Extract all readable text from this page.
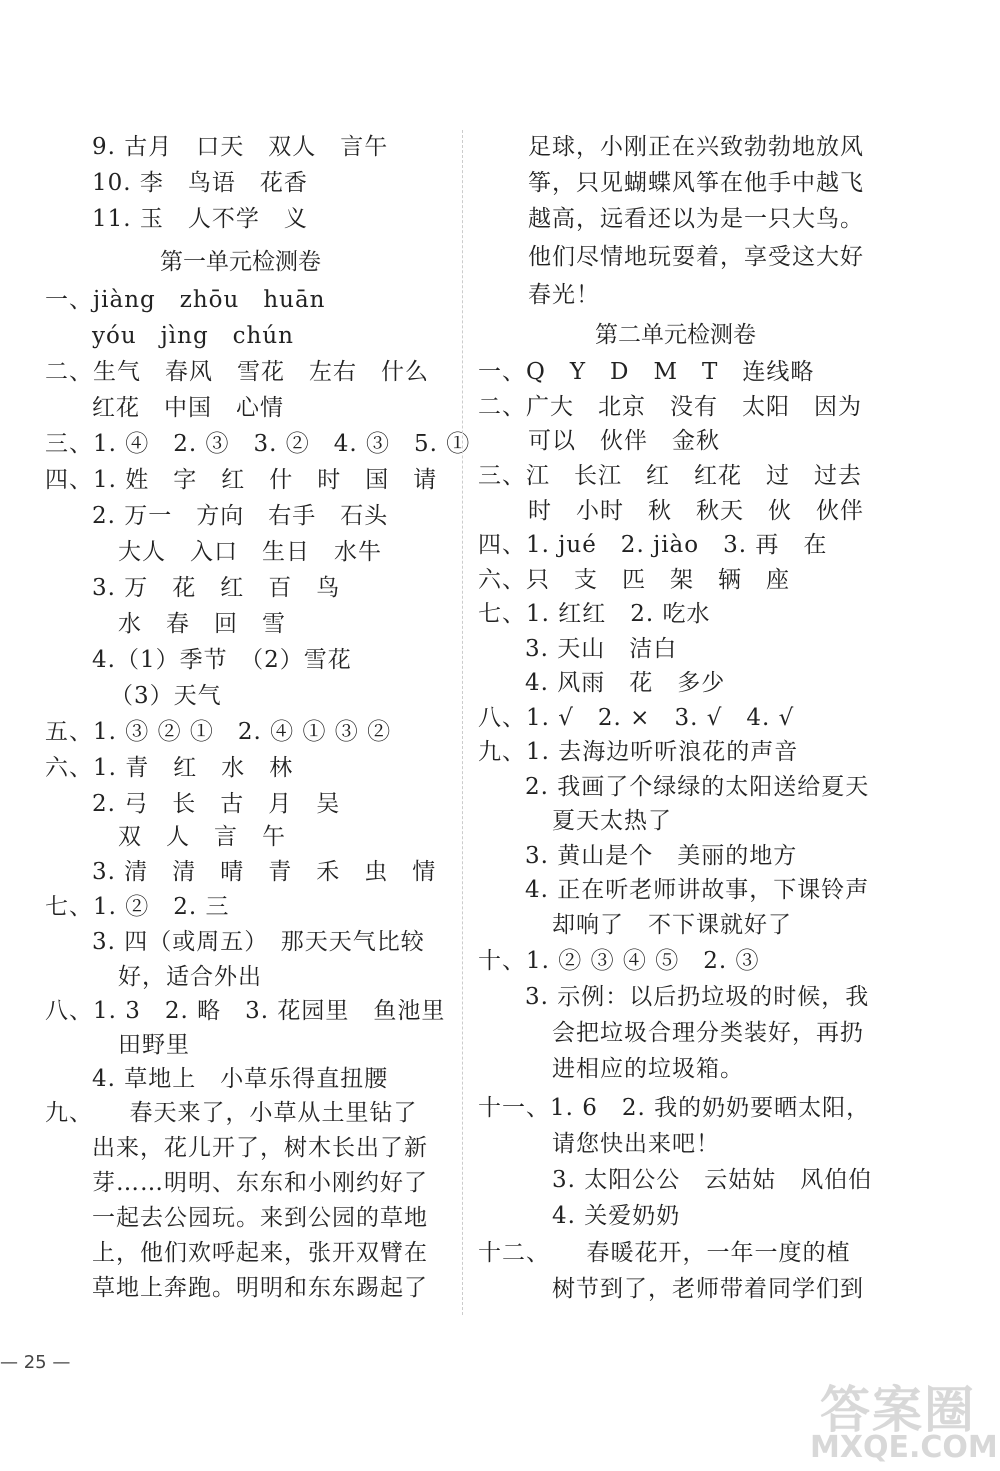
9. 古月　口天　双人　言午
10. 李　鸟语　花香
11. 玉　人不学　义
第一单元检测卷
一、jiàng　zhōu　huān
yóu　jìng　chún
二、生气　春风　雪花　左右　什么
红花　中国　心情
三、1. ④　2. ③　3. ②　4. ③　5. ①
四、1. 姓　字　红　什　时　国　请
2. 万一　方向　右手　石头
大人　入口　生日　水牛
3. 万　花　红　百　鸟
水　春　回　雪
4.（1）季节　（2）雪花
（3）天气
五、1. ③ ② ①　2. ④ ① ③ ②
六、1. 青　红　水　林
2. 弓　长　古　月　吴
双　人　言　午
3. 清　清　晴　青　禾　虫　情
七、1. ②　2. 三
3. 四（或周五）　那天天气比较
好，适合外出
八、1. 3　2. 略　3. 花园里　鱼池里
田野里
4. 草地上　小草乐得直扭腰
九、　　春天来了，小草从土里钻了
出来，花儿开了，树木长出了新
芽……明明、东东和小刚约好了
一起去公园玩。来到公园的草地
上，他们欢呼起来，张开双臂在
草地上奔跑。明明和东东踢起了
足球，小刚正在兴致勃勃地放风
筝，只见蝴蝶风筝在他手中越飞
越高，远看还以为是一只大鸟。
他们尽情地玩耍着，享受这大好
春光！
第二单元检测卷
一、Q　Y　D　M　T　连线略
二、广大　北京　没有　太阳　因为
可以　伙伴　金秋
三、江　长江　红　红花　过　过去
时　小时　秋　秋天　伙　伙伴
四、1. jué　2. jiào　3. 再　在
六、只　支　匹　架　辆　座
七、1. 红红　2. 吃水
3. 天山　洁白
4. 风雨　花　多少
八、1. √　2. ×　3. √　4. √
九、1. 去海边听听浪花的声音
2. 我画了个绿绿的太阳送给夏天
夏天太热了
3. 黄山是个　美丽的地方
4. 正在听老师讲故事，下课铃声
却响了　不下课就好了
十、1. ② ③ ④ ⑤　2. ③
3. 示例：以后扔垃圾的时候，我
会把垃圾合理分类装好，再扔
进相应的垃圾箱。
十一、1. 6　2. 我的奶奶要晒太阳，
请您快出来吧！
3. 太阳公公　云姑姑　风伯伯
4. 关爱奶奶
十二、　　春暖花开，一年一度的植
树节到了，老师带着同学们到
— 25 —
答案圈
MXQE.COM
